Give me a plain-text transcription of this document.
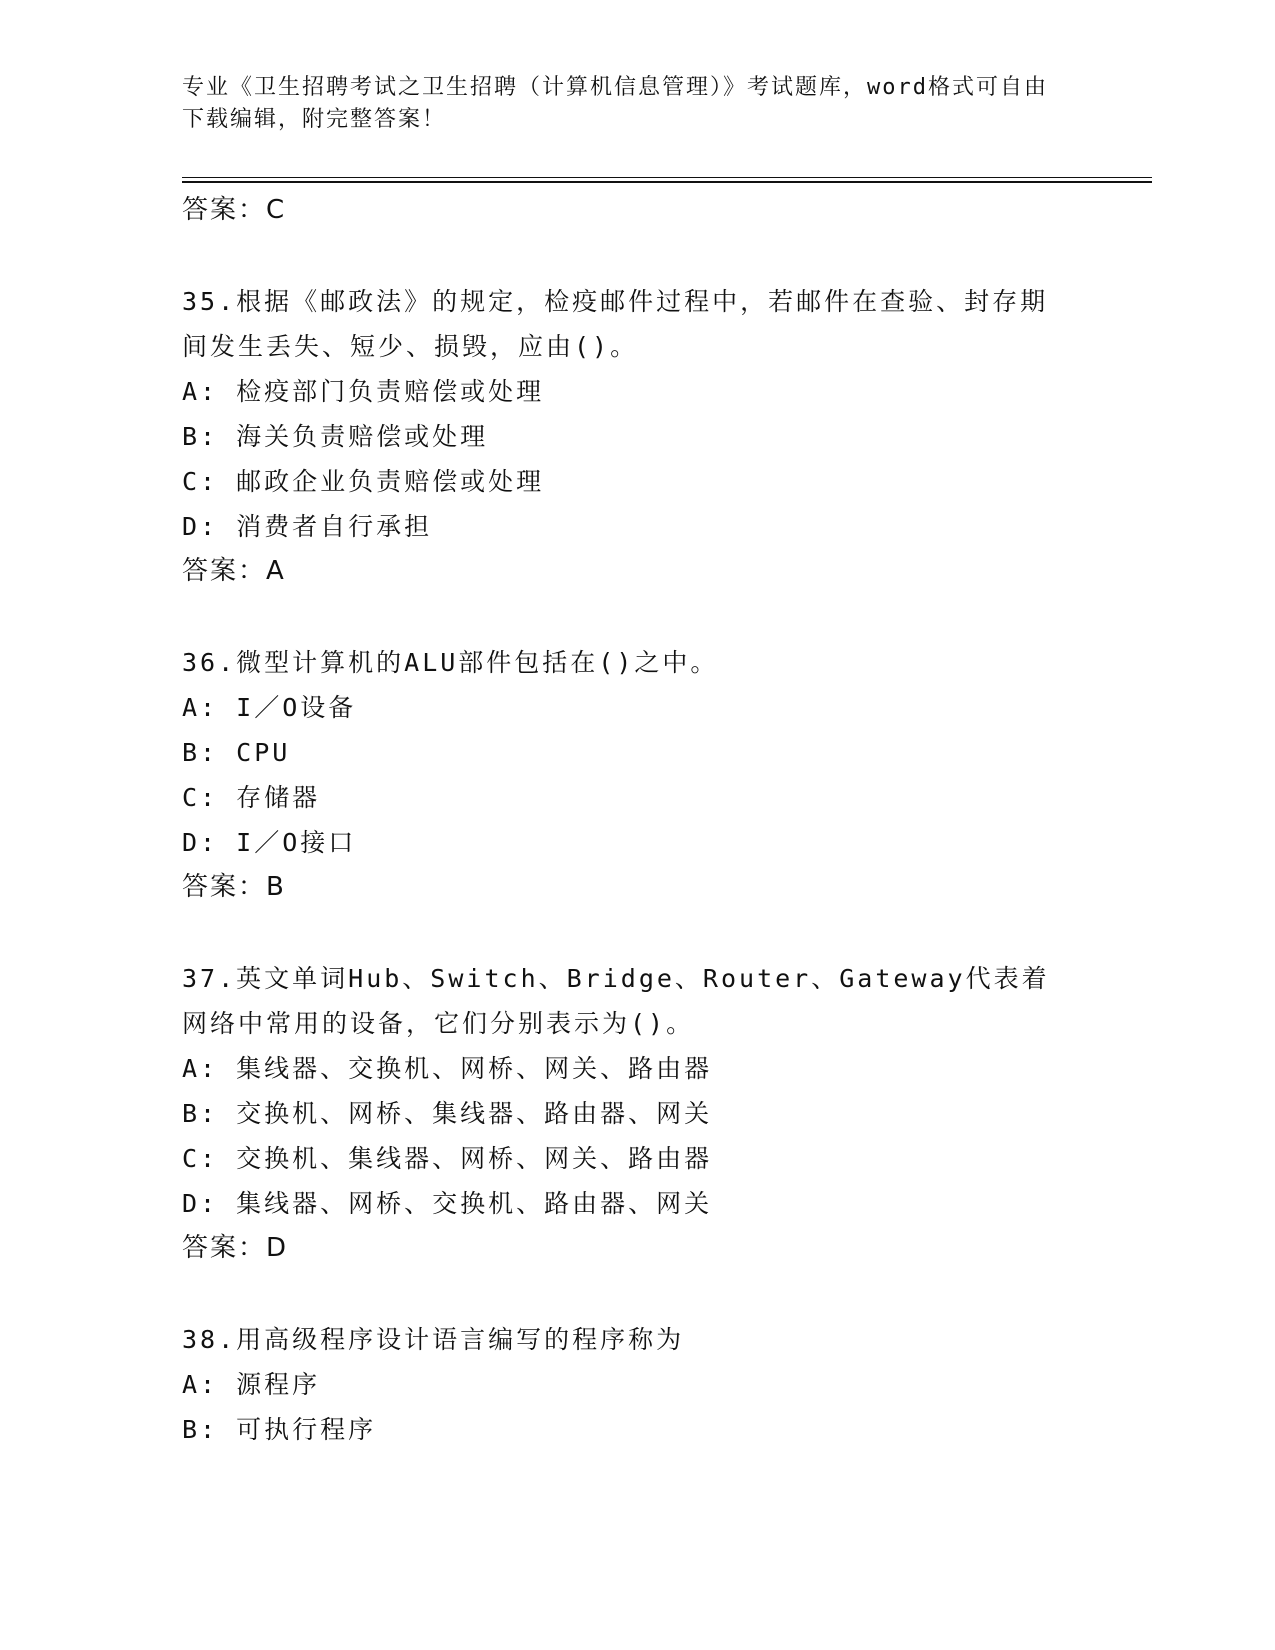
专业《卫生招聘考试之卫生招聘（计算机信息管理）》考试题库，word格式可自由下载编辑，附完整答案！
答案：C
35.根据《邮政法》的规定，检疫邮件过程中，若邮件在查验、封存期间发生丢失、短少、损毁，应由()。
A: 检疫部门负责赔偿或处理
B: 海关负责赔偿或处理
C: 邮政企业负责赔偿或处理
D: 消费者自行承担
答案：A
36.微型计算机的ALU部件包括在()之中。
A: I／O设备
B: CPU
C: 存储器
D: I／O接口
答案：B
37.英文单词Hub、Switch、Bridge、Router、Gateway代表着网络中常用的设备，它们分别表示为()。
A: 集线器、交换机、网桥、网关、路由器
B: 交换机、网桥、集线器、路由器、网关
C: 交换机、集线器、网桥、网关、路由器
D: 集线器、网桥、交换机、路由器、网关
答案：D
38.用高级程序设计语言编写的程序称为
A: 源程序
B: 可执行程序
